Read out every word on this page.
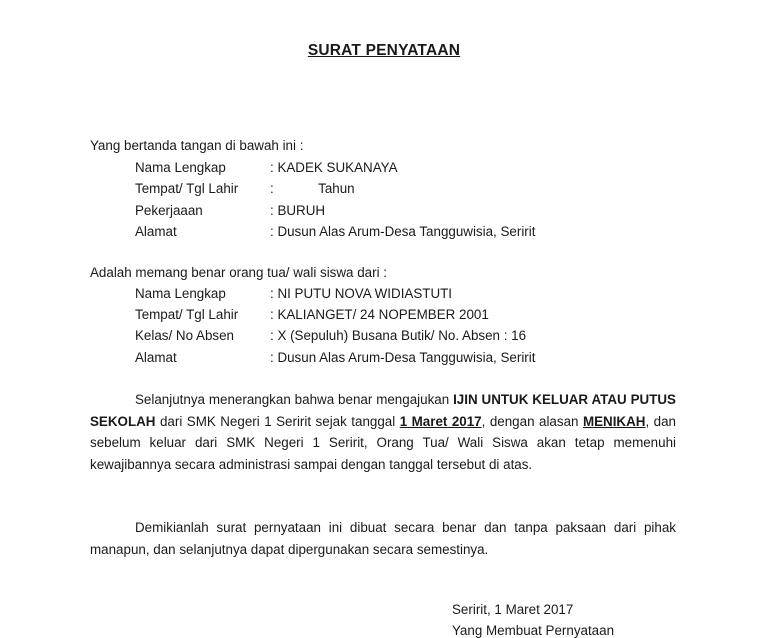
SURAT PENYATAAN
Yang bertanda tangan di bawah ini :
Nama Lengkap	: KADEK SUKANAYA
Tempat/ Tgl Lahir :            Tahun
Pekerjaaan	: BURUH
Alamat	: Dusun Alas Arum-Desa Tangguwisia, Seririt
Adalah memang benar orang tua/ wali siswa dari :
Nama Lengkap	: NI PUTU NOVA WIDIASTUTI
Tempat/ Tgl Lahir : KALIANGET/ 24 NOPEMBER 2001
Kelas/ No Absen	: X (Sepuluh) Busana Butik/ No. Absen : 16
Alamat	: Dusun Alas Arum-Desa Tangguwisia, Seririt
Selanjutnya menerangkan bahwa benar mengajukan IJIN UNTUK KELUAR ATAU PUTUS SEKOLAH dari SMK Negeri 1 Seririt sejak tanggal 1 Maret 2017, dengan alasan MENIKAH, dan sebelum keluar dari SMK Negeri 1 Seririt, Orang Tua/ Wali Siswa akan tetap memenuhi kewajibannya secara administrasi sampai dengan tanggal tersebut di atas.
Demikianlah surat pernyataan ini dibuat secara benar dan tanpa paksaan dari pihak manapun, dan selanjutnya dapat dipergunakan secara semestinya.
Seririt, 1 Maret 2017
Yang Membuat Pernyataan
